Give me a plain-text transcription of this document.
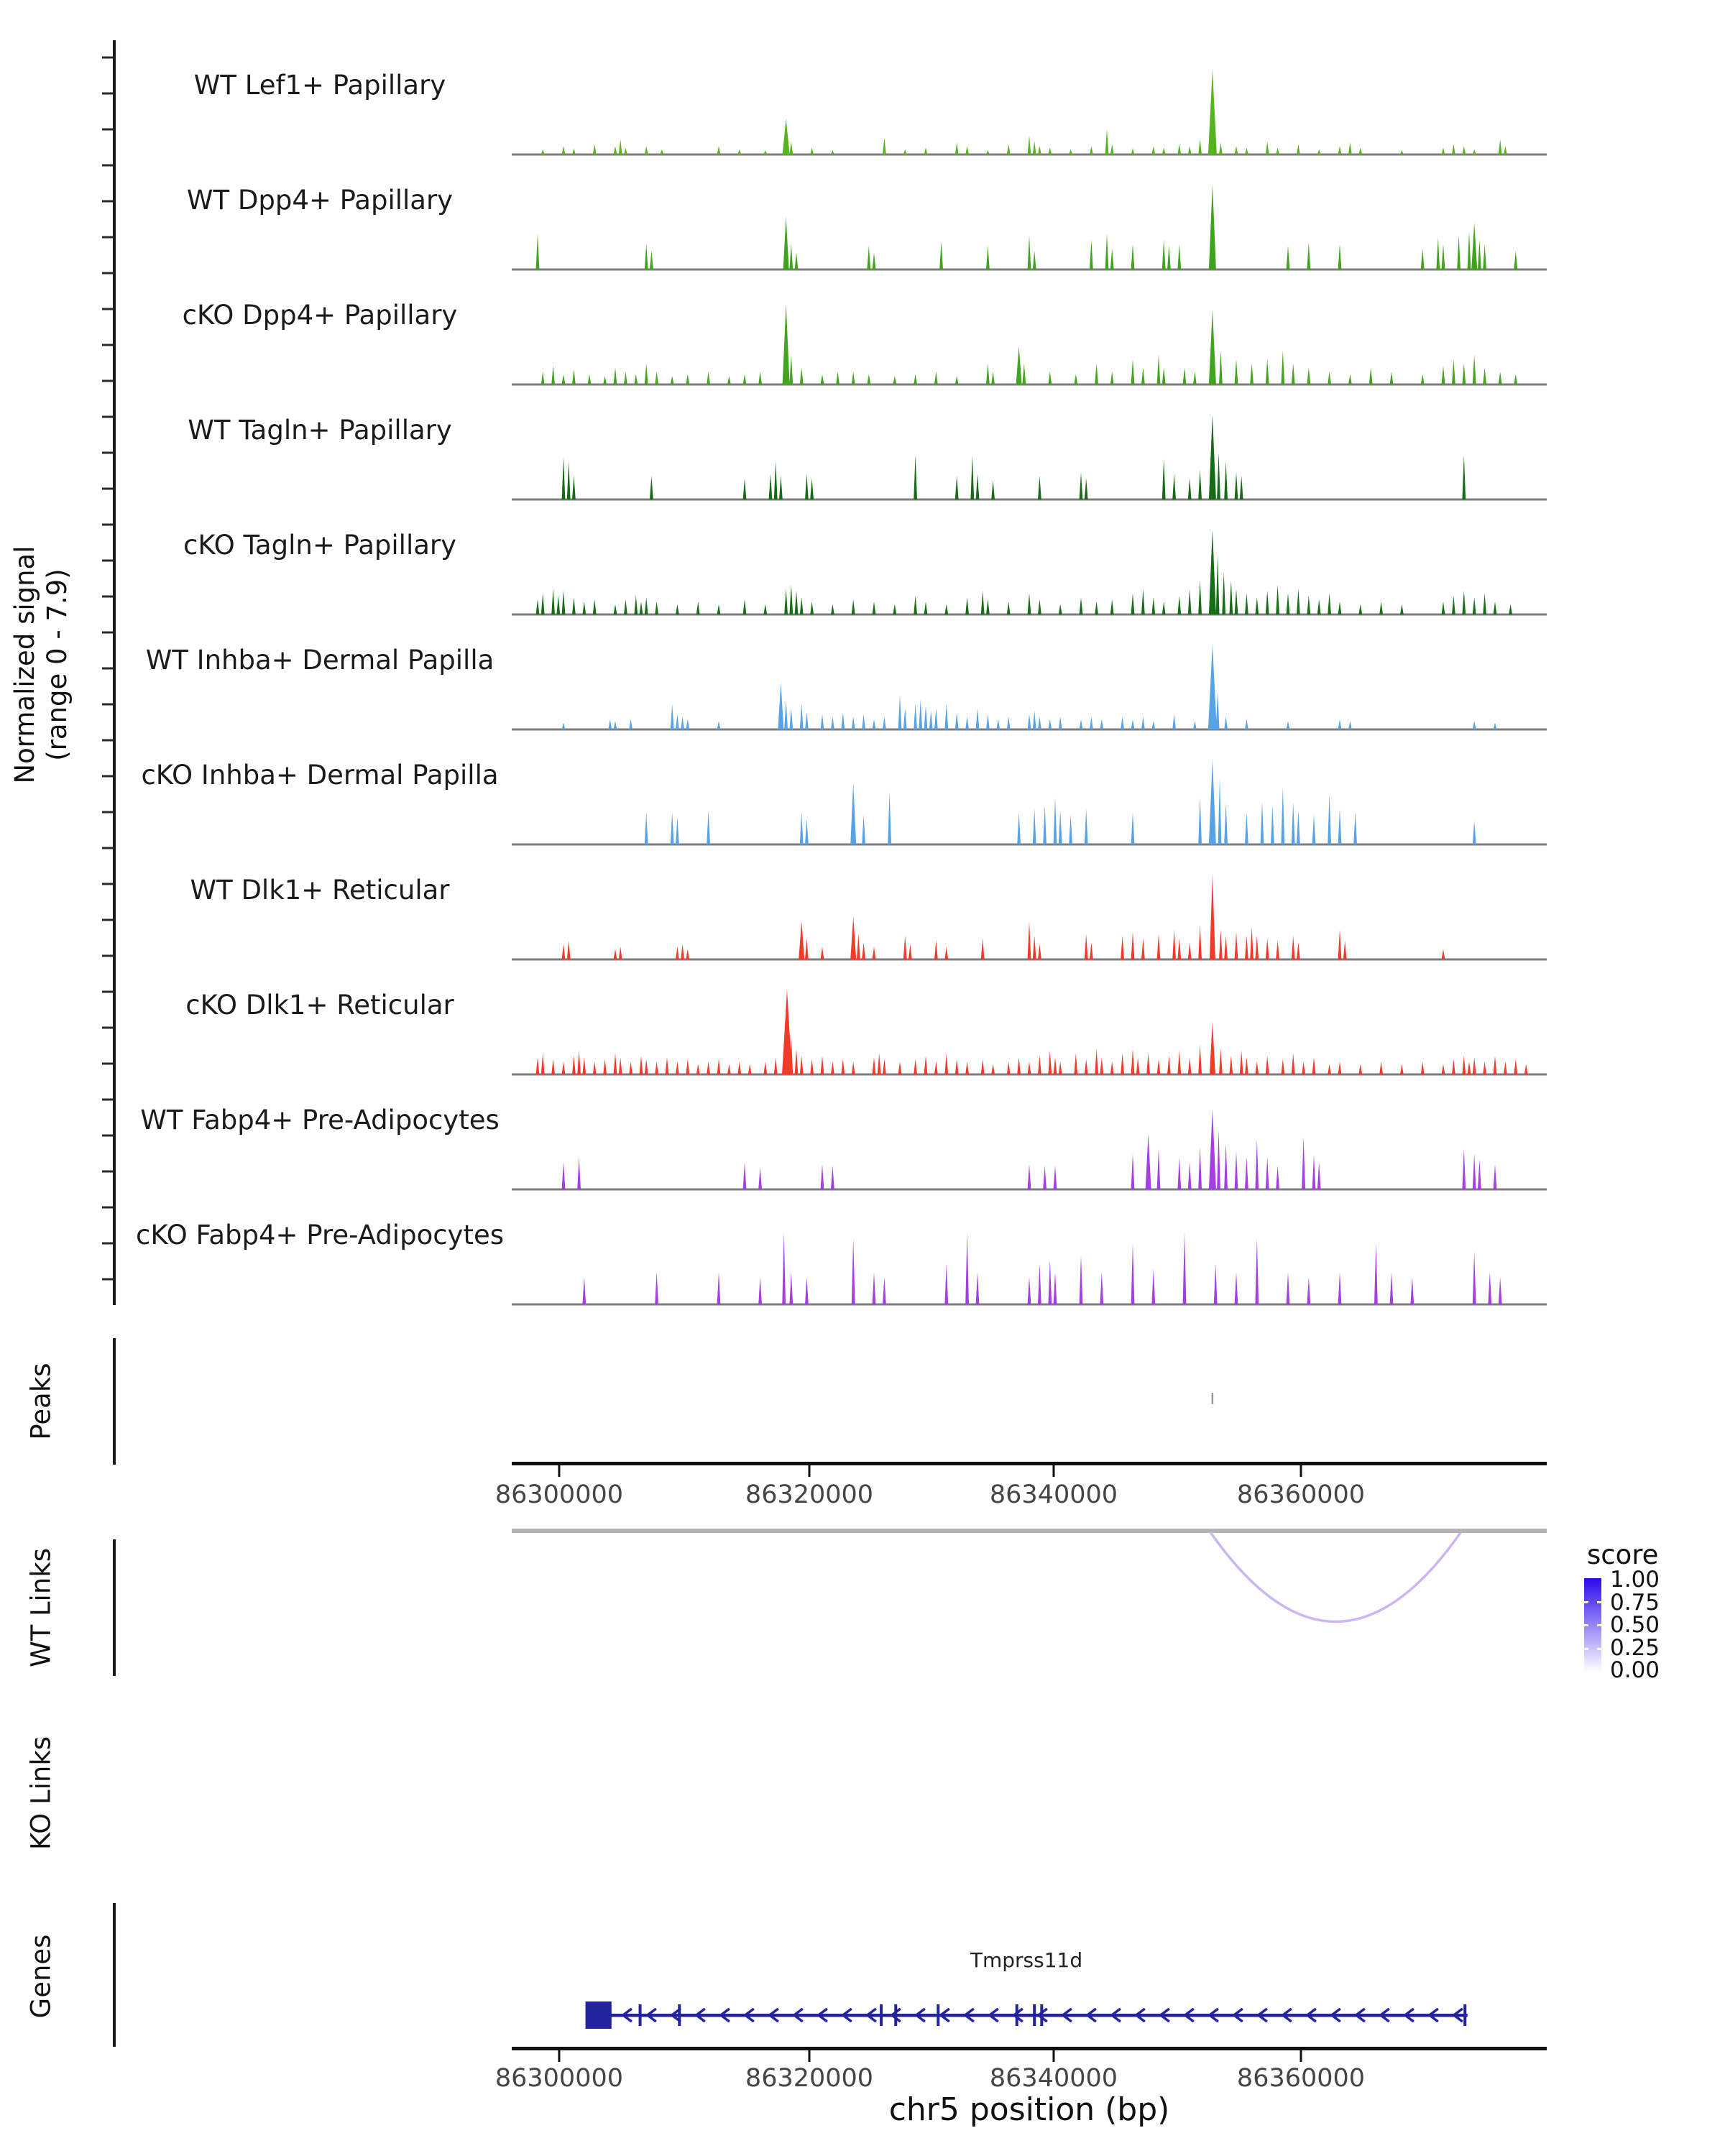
Normalized signal (range 0 - 7.9)
Peaks
WT Links
KO Links
Genes
score
1.00
0.75
0.50
0.25
0.00
Tmprss11d
chr5 position (bp)
WT Lef1+ Papillary
WT Dpp4+ Papillary
cKO Dpp4+ Papillary
WT Tagln+ Papillary
cKO Tagln+ Papillary
WT Inhba+ Dermal Papilla
cKO Inhba+ Dermal Papilla
WT Dlk1+ Reticular
cKO Dlk1+ Reticular
WT Fabp4+ Pre-Adipocytes
cKO Fabp4+ Pre-Adipocytes
86300000	86320000	86340000	86360000
86300000	86320000	86340000	86360000
